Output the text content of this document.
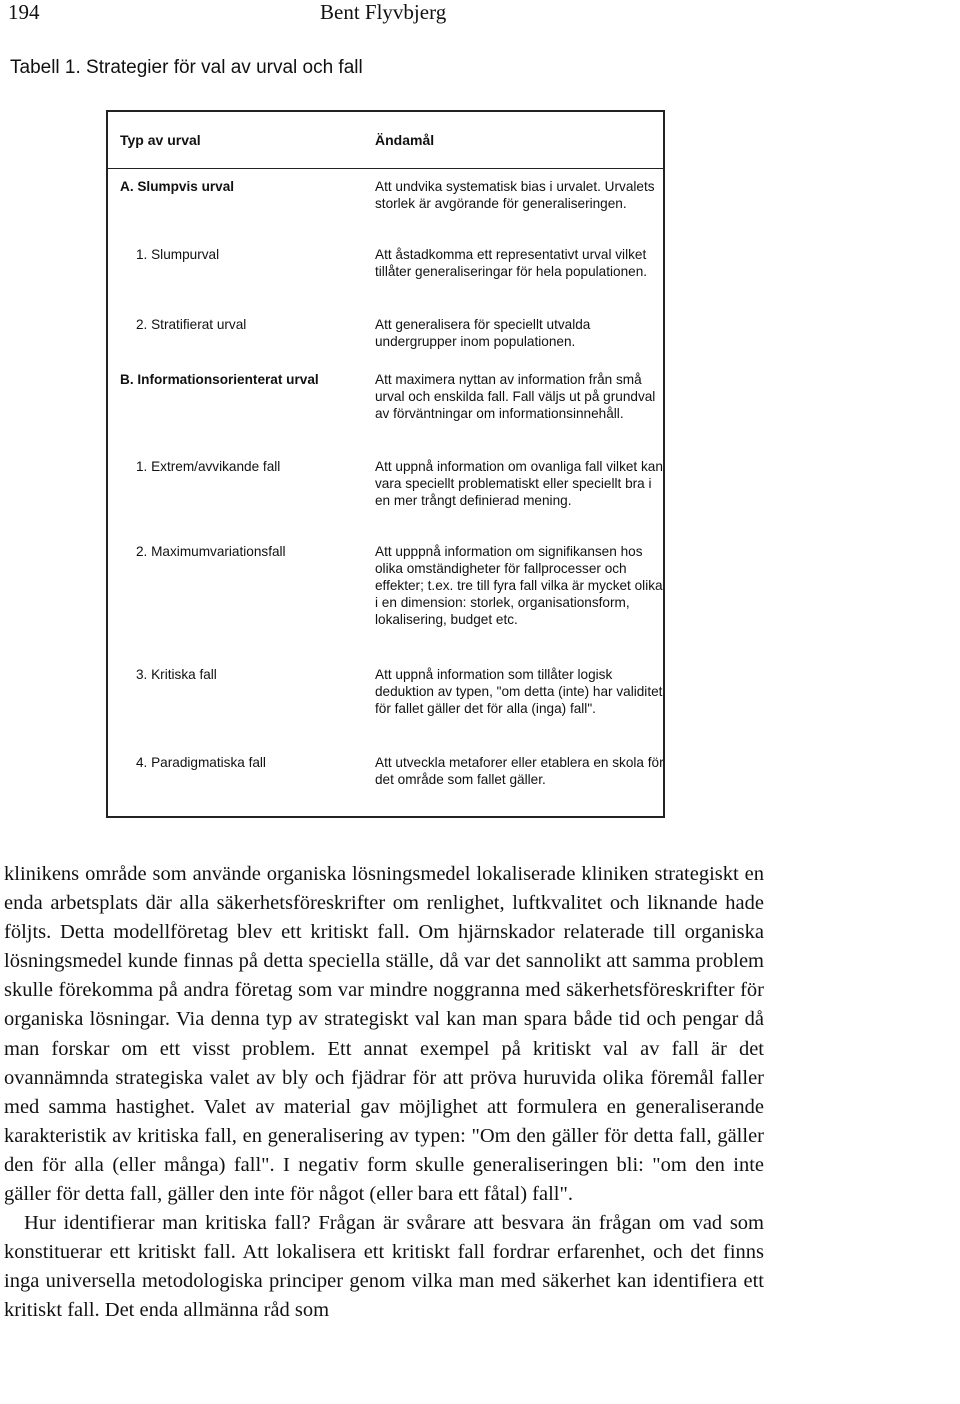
194	Bent Flyvbjerg
Tabell 1. Strategier för val av urval och fall
Typ av urval	Ändamål
A. Slumpvis urval	Att undvika systematisk bias i urvalet. Urvalets storlek är avgörande för generaliseringen.
1. Slumpurval	Att åstadkomma ett representativt urval vilket tillåter generaliseringar för hela populationen.
2. Stratifierat urval	Att generalisera för speciellt utvalda undergrupper inom populationen.
B. Informationsorienterat urval	Att maximera nyttan av information från små urval och enskilda fall. Fall väljs ut på grundval av förväntningar om informationsinnehåll.
1. Extrem/avvikande fall	Att uppnå information om ovanliga fall vilket kan vara speciellt problematiskt eller speciellt bra i en mer trångt definierad mening.
2. Maximumvariationsfall	Att upppnå information om signifikansen hos olika omständigheter för fallprocesser och effekter; t.ex. tre till fyra fall vilka är mycket olika i en dimension: storlek, organisationsform, lokalisering, budget etc.
3. Kritiska fall	Att uppnå information som tillåter logisk deduktion av typen, "om detta (inte) har validitet för fallet gäller det för alla (inga) fall".
4. Paradigmatiska fall	Att utveckla metaforer eller etablera en skola för det område som fallet gäller.

klinikens område som använde organiska lösningsmedel lokaliserade kliniken strategiskt en enda arbetsplats där alla säkerhetsföreskrifter om renlighet, luftkvalitet och liknande hade följts. Detta modellföretag blev ett kritiskt fall. Om hjärnskador relaterade till organiska lösningsmedel kunde finnas på detta speciella ställe, då var det sannolikt att samma problem skulle förekomma på andra företag som var mindre noggranna med säkerhetsföreskrifter för organiska lösningar. Via denna typ av strategiskt val kan man spara både tid och pengar då man forskar om ett visst problem. Ett annat exempel på kritiskt val av fall är det ovannämnda strategiska valet av bly och fjädrar för att pröva huruvida olika föremål faller med samma hastighet. Valet av material gav möjlighet att formulera en generaliserande karakteristik av kritiska fall, en generalisering av typen: "Om den gäller för detta fall, gäller den för alla (eller många) fall". I negativ form skulle generaliseringen bli: "om den inte gäller för detta fall, gäller den inte för något (eller bara ett fåtal) fall".

Hur identifierar man kritiska fall? Frågan är svårare att besvara än frågan om vad som konstituerar ett kritiskt fall. Att lokalisera ett kritiskt fall fordrar erfarenhet, och det finns inga universella metodologiska principer genom vilka man med säkerhet kan identifiera ett kritiskt fall. Det enda allmänna råd som
